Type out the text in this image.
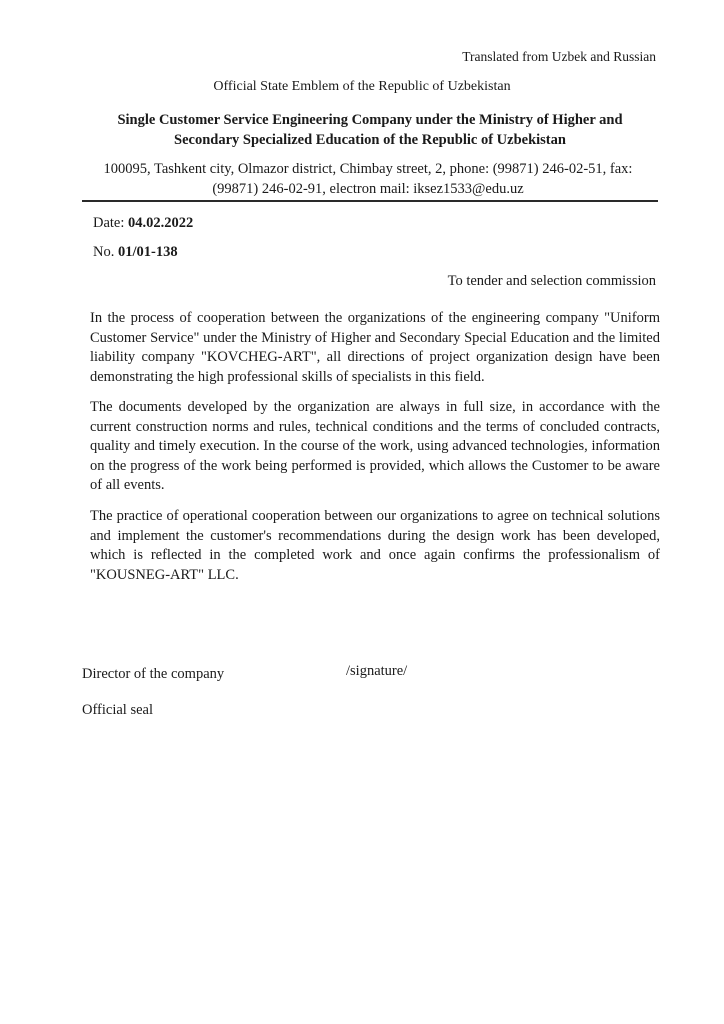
Translated from Uzbek and Russian
Official State Emblem of the Republic of Uzbekistan
Single Customer Service Engineering Company under the Ministry of Higher and Secondary Specialized Education of the Republic of Uzbekistan
100095, Tashkent city, Olmazor district, Chimbay street, 2, phone: (99871) 246-02-51, fax: (99871) 246-02-91, electron mail: iksez1533@edu.uz
Date: 04.02.2022
No. 01/01-138
To tender and selection commission
In the process of cooperation between the organizations of the engineering company "Uniform Customer Service" under the Ministry of Higher and Secondary Special Education and the limited liability company "KOVCHEG-ART", all directions of project organization design have been demonstrating the high professional skills of specialists in this field.
The documents developed by the organization are always in full size, in accordance with the current construction norms and rules, technical conditions and the terms of concluded contracts, quality and timely execution. In the course of the work, using advanced technologies, information on the progress of the work being performed is provided, which allows the Customer to be aware of all events.
The practice of operational cooperation between our organizations to agree on technical solutions and implement the customer's recommendations during the design work has been developed, which is reflected in the completed work and once again confirms the professionalism of "KOUSNEG-ART" LLC.
Director of the company	/signature/
Official seal
